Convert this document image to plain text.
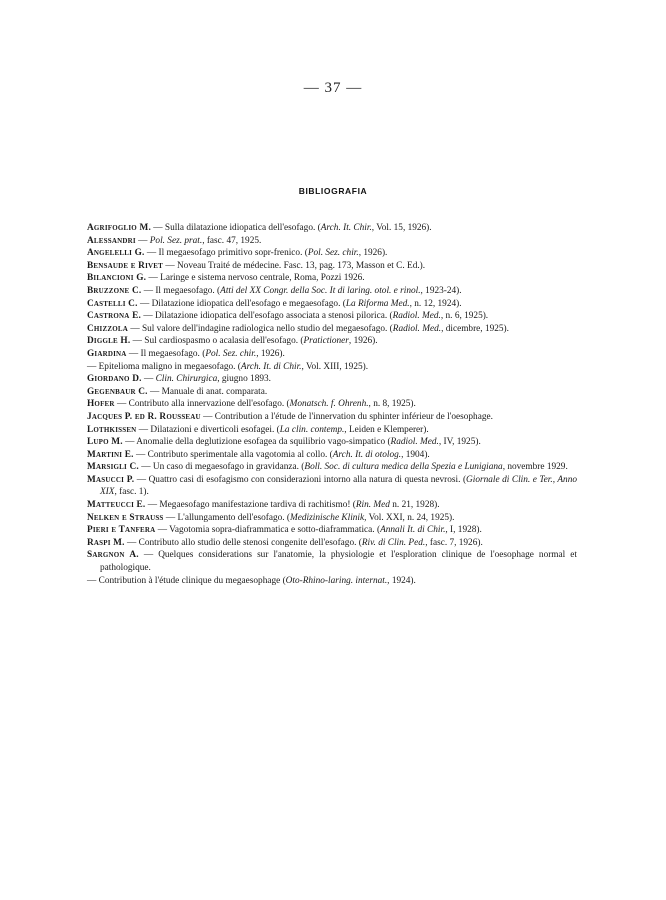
— 37 —
BIBLIOGRAFIA

Agrifoglio M. — Sulla dilatazione idiopatica dell'esofago. (Arch. It. Chir., Vol. 15, 1926).

Alessandri — Pol. Sez. prat., fasc. 47, 1925.

Angelelli G. — Il megaesofago primitivo sopr-frenico. (Pol. Sez. chir., 1926).

Bensaude e Rivet — Noveau Traité de médecine. Fasc. 13, pag. 173, Masson et C. Ed.).

Bilancioni G. — Laringe e sistema nervoso centrale, Roma, Pozzi 1926.

Bruzzone C. — Il megaesofago. (Atti del XX Congr. della Soc. It di laring. otol. e rinol., 1923-24).

Castelli C. — Dilatazione idiopatica dell'esofago e megaesofago. (La Riforma Med., n. 12, 1924).

Castrona E. — Dilatazione idiopatica dell'esofago associata a stenosi pilorica. (Radiol. Med., n. 6, 1925).

Chizzola — Sul valore dell'indagine radiologica nello studio del megaesofago. (Radiol. Med., dicembre, 1925).

Diggle H. — Sul cardiospasmo o acalasia dell'esofago. (Pratictioner, 1926).

Giardina — Il megaesofago. (Pol. Sez. chir., 1926).

— Epitelioma maligno in megaesofago. (Arch. It. di Chir., Vol. XIII, 1925).

Giordano D. — Clin. Chirurgica, giugno 1893.

Gegenbaur C. — Manuale di anat. comparata.

Hofer — Contributo alla innervazione dell'esofago. (Monatsch. f. Ohrenh., n. 8, 1925).

Jacques P. ed R. Rousseau — Contribution a l'étude de l'innervation du sphinter inférieur de l'oesophage.

Lothkissen — Dilatazioni e diverticoli esofagei. (La clin. contemp., Leiden e Klemperer).

Lupo M. — Anomalie della deglutizione esofagea da squilibrio vago-simpatico (Radiol. Med., IV, 1925).

Martini E. — Contributo sperimentale alla vagotomia al collo. (Arch. It. di otolog., 1904).

Marsigli C. — Un caso di megaesofago in gravidanza. (Boll. Soc. di cultura medica della Spezia e Lunigiana, novembre 1929.

Masucci P. — Quattro casi di esofagismo con considerazioni intorno alla natura di questa nevrosi. (Giornale di Clin. e Ter., Anno XIX, fasc. 1).

Matteucci E. — Megaesofago manifestazione tardiva di rachitismo! (Rin. Med n. 21, 1928).

Nelken e Strauss — L'allungamento dell'esofago. (Medizinische Klinik, Vol. XXI, n. 24, 1925).

Pieri e Tanfera — Vagotomia sopra-diaframmatica e sotto-diaframmatica. (Annali It. di Chir., I, 1928).

Raspi M. — Contributo allo studio delle stenosi congenite dell'esofago. (Riv. di Clin. Ped., fasc. 7, 1926).

Sargnon A. — Quelques considerations sur l'anatomie, la physiologie et l'esploration clinique de l'oesophage normal et pathologique.

— Contribution à l'étude clinique du megaesophage (Oto-Rhino-laring. internat., 1924).
